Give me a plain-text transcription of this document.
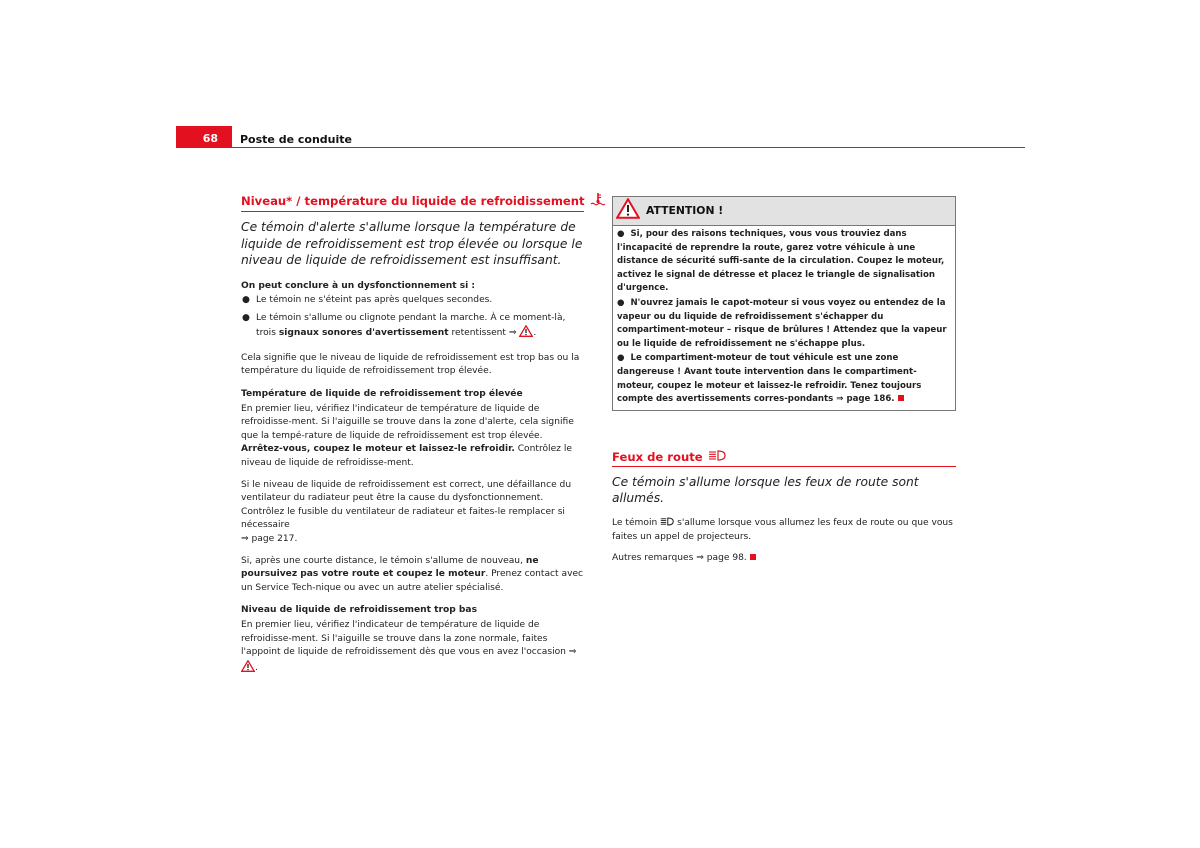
68	Poste de conduite
Niveau* / température du liquide de refroidissement

Ce témoin d'alerte s'allume lorsque la température de liquide de refroidissement est trop élevée ou lorsque le niveau de liquide de refroidissement est insuffisant.

On peut conclure à un dysfonctionnement si :

● Le témoin ne s'éteint pas après quelques secondes.
● Le témoin s'allume ou clignote pendant la marche. À ce moment-là, trois signaux sonores d'avertissement retentissent ⇒ .

Cela signifie que le niveau de liquide de refroidissement est trop bas ou la température du liquide de refroidissement trop élevée.

Température de liquide de refroidissement trop élevée

En premier lieu, vérifiez l'indicateur de température de liquide de refroidisse-ment. Si l'aiguille se trouve dans la zone d'alerte, cela signifie que la tempé-rature de liquide de refroidissement est trop élevée. Arrêtez-vous, coupez le moteur et laissez-le refroidir. Contrôlez le niveau de liquide de refroidisse-ment.

Si le niveau de liquide de refroidissement est correct, une défaillance du ventilateur du radiateur peut être la cause du dysfonctionnement. Contrôlez le fusible du ventilateur de radiateur et faites-le remplacer si nécessaire
⇒ page 217.

Si, après une courte distance, le témoin s'allume de nouveau, ne poursuivez pas votre route et coupez le moteur. Prenez contact avec un Service Tech-nique ou avec un autre atelier spécialisé.

Niveau de liquide de refroidissement trop bas

En premier lieu, vérifiez l'indicateur de température de liquide de refroidisse-ment. Si l'aiguille se trouve dans la zone normale, faites l'appoint de liquide de refroidissement dès que vous en avez l'occasion ⇒ .

ATTENTION !

●  Si, pour des raisons techniques, vous vous trouviez dans l'incapacité de reprendre la route, garez votre véhicule à une distance de sécurité suffi-sante de la circulation. Coupez le moteur, activez le signal de détresse et placez le triangle de signalisation d'urgence.

●  N'ouvrez jamais le capot-moteur si vous voyez ou entendez de la vapeur ou du liquide de refroidissement s'échapper du compartiment-moteur – risque de brûlures ! Attendez que la vapeur ou le liquide de refroidissement ne s'échappe plus.

●  Le compartiment-moteur de tout véhicule est une zone dangereuse ! Avant toute intervention dans le compartiment-moteur, coupez le moteur et laissez-le refroidir. Tenez toujours compte des avertissements corres-pondants ⇒ page 186.

Feux de route

Ce témoin s'allume lorsque les feux de route sont allumés.

Le témoin s'allume lorsque vous allumez les feux de route ou que vous faites un appel de projecteurs.

Autres remarques ⇒ page 98.
